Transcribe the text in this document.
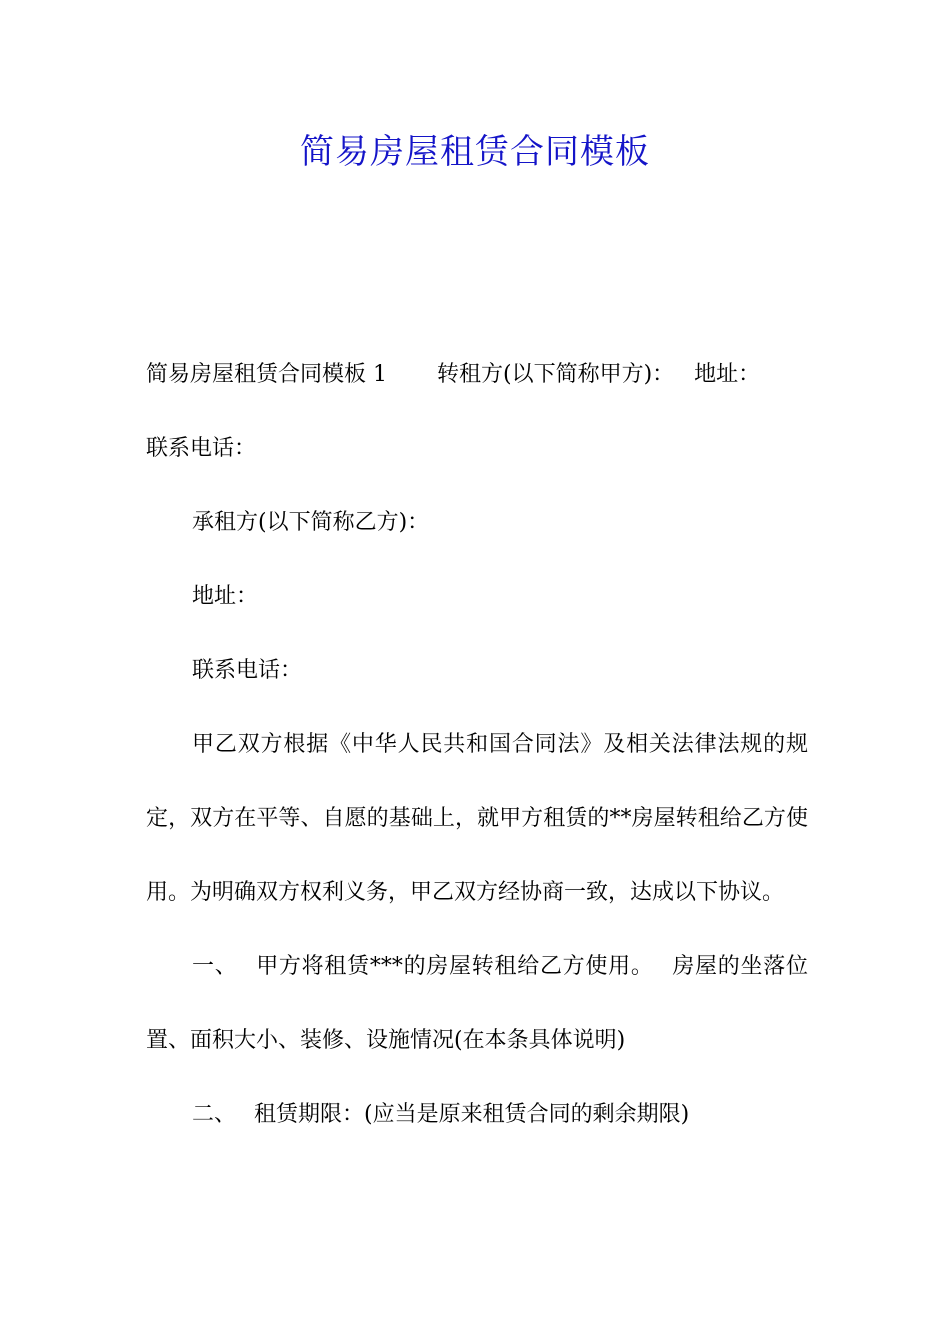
简易房屋租赁合同模板

简易房屋租赁合同模板 1 转租方(以下简称甲方)： 地址：

联系电话：

承租方(以下简称乙方)：

地址：

联系电话：

甲乙双方根据《中华人民共和国合同法》及相关法律法规的规定，双方在平等、自愿的基础上，就甲方租赁的**房屋转租给乙方使用。为明确双方权利义务，甲乙双方经协商一致，达成以下协议。

一、 甲方将租赁***的房屋转租给乙方使用。 房屋的坐落位置、面积大小、装修、设施情况(在本条具体说明)

二、 租赁期限：(应当是原来租赁合同的剩余期限)
